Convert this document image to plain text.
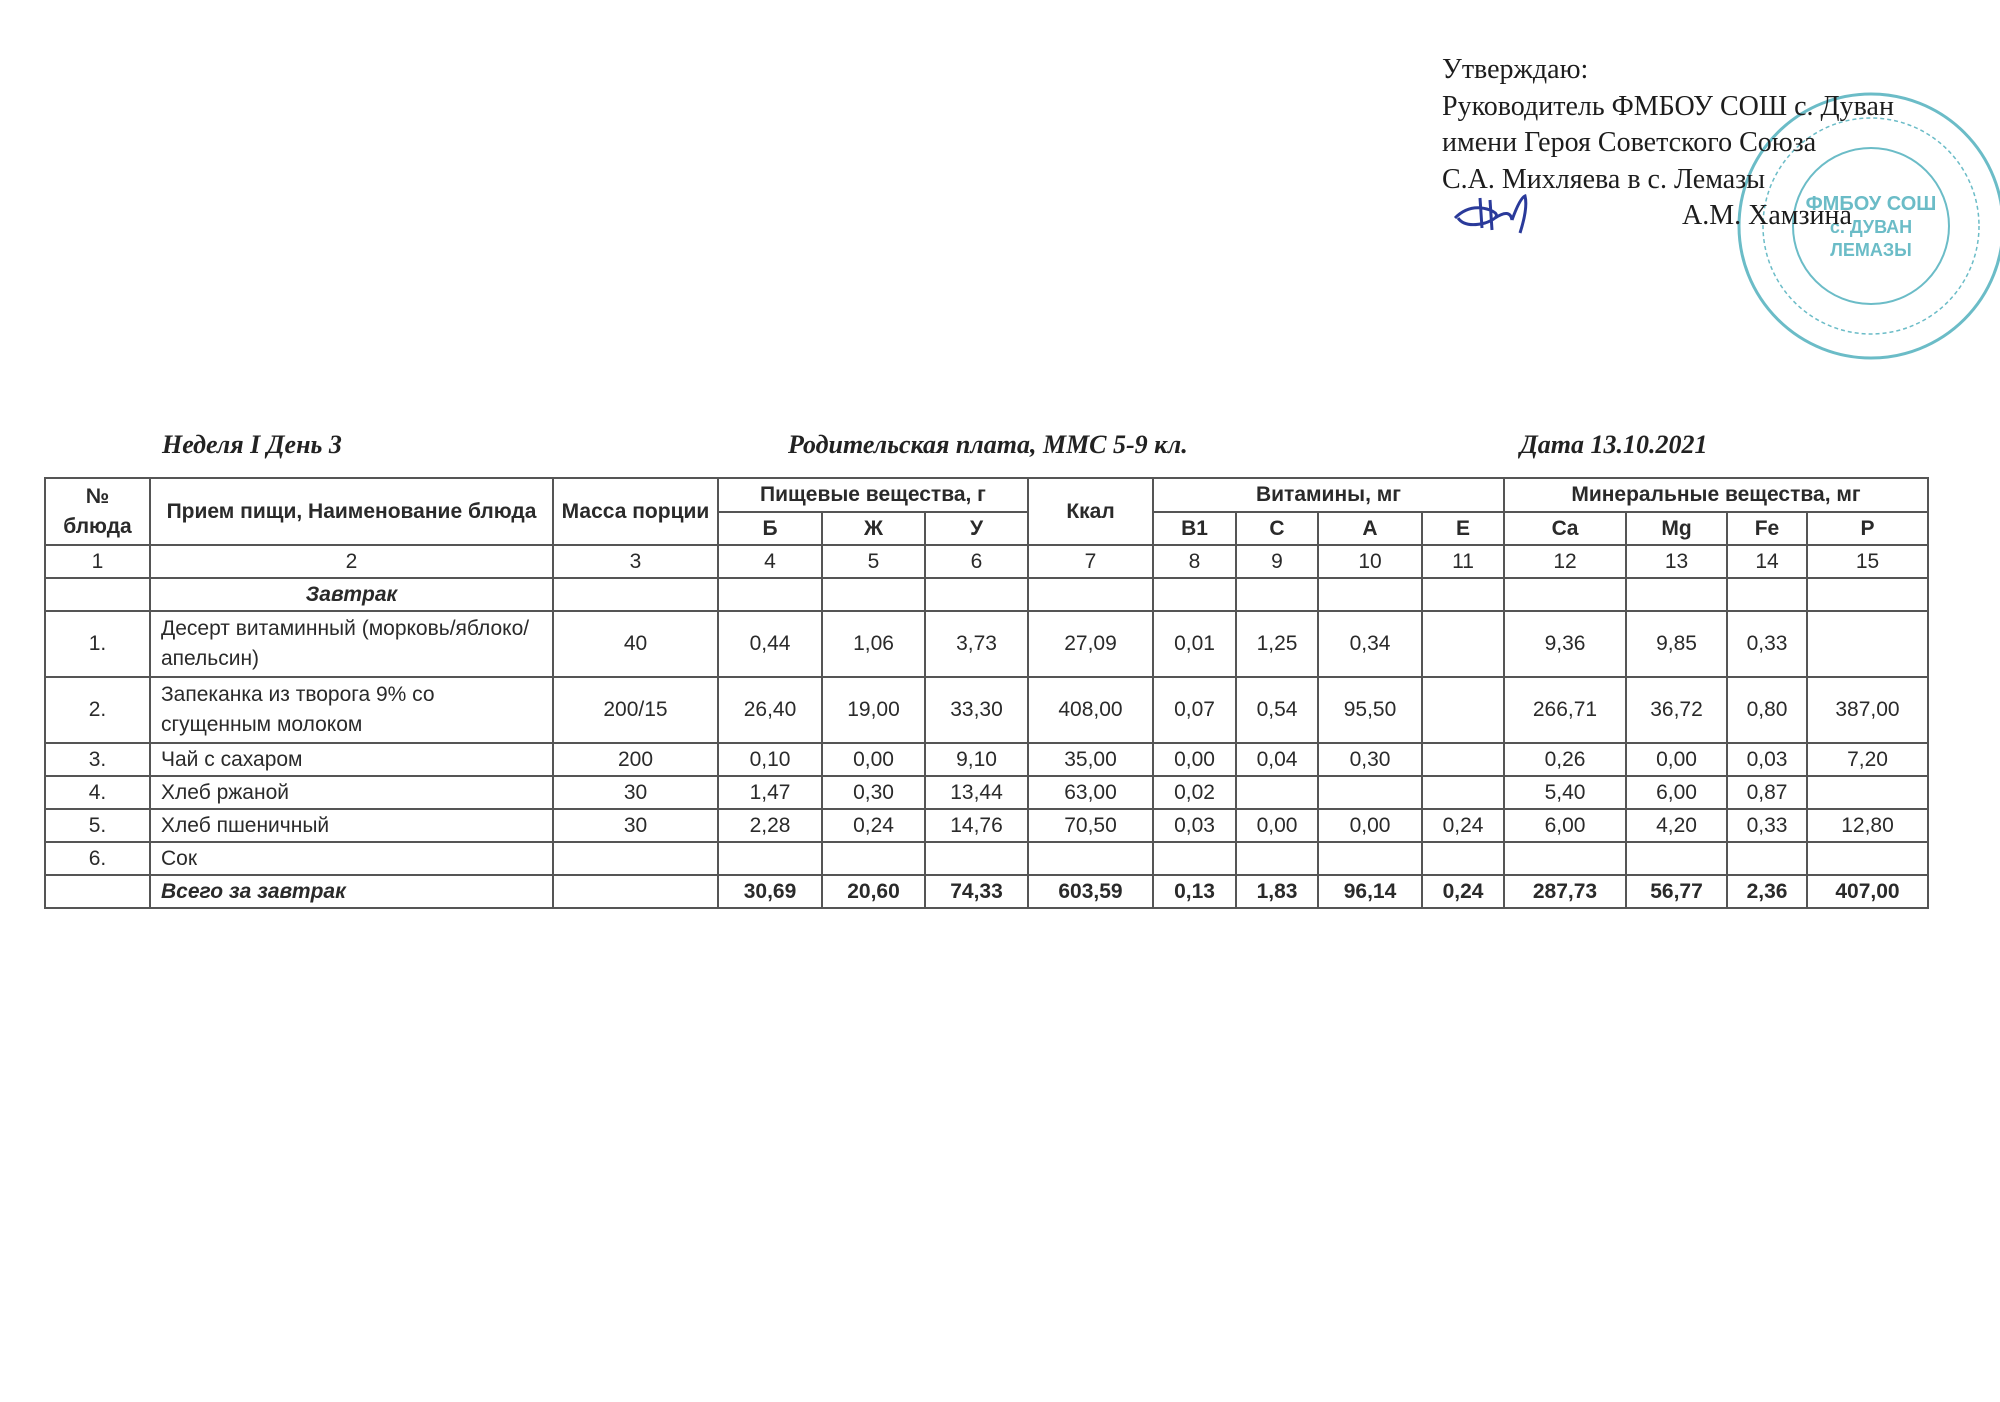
Утверждаю:
Руководитель ФМБОУ СОШ с. Дуван
имени Героя Советского Союза
С.А. Михляева в с. Лемазы
А.М. Хамзина
ФМБОУ СОШ
с. ДУВАН
ЛЕМАЗЫ
Неделя I День 3	Родительская плата, ММС 5-9 кл.	Дата 13.10.2021
№ блюда	Прием пищи, Наименование блюда	Масса порции	Пищевые вещества, г			Ккал	Витамины, мг				Минеральные вещества, мг			
			Б	Ж	У		B1	C	A	E	Ca	Mg	Fe	P
1	2	3	4	5	6	7	8	9	10	11	12	13	14	15
	Завтрак													
1.	Десерт витаминный (морковь/яблоко/апельсин)	40	0,44	1,06	3,73	27,09	0,01	1,25	0,34		9,36	9,85	0,33	
2.	Запеканка из творога 9% со сгущенным молоком	200/15	26,40	19,00	33,30	408,00	0,07	0,54	95,50		266,71	36,72	0,80	387,00
3.	Чай с сахаром	200	0,10	0,00	9,10	35,00	0,00	0,04	0,30		0,26	0,00	0,03	7,20
4.	Хлеб ржаной	30	1,47	0,30	13,44	63,00	0,02				5,40	6,00	0,87	
5.	Хлеб пшеничный	30	2,28	0,24	14,76	70,50	0,03	0,00	0,00	0,24	6,00	4,20	0,33	12,80
6.	Сок													
	Всего за завтрак		30,69	20,60	74,33	603,59	0,13	1,83	96,14	0,24	287,73	56,77	2,36	407,00
